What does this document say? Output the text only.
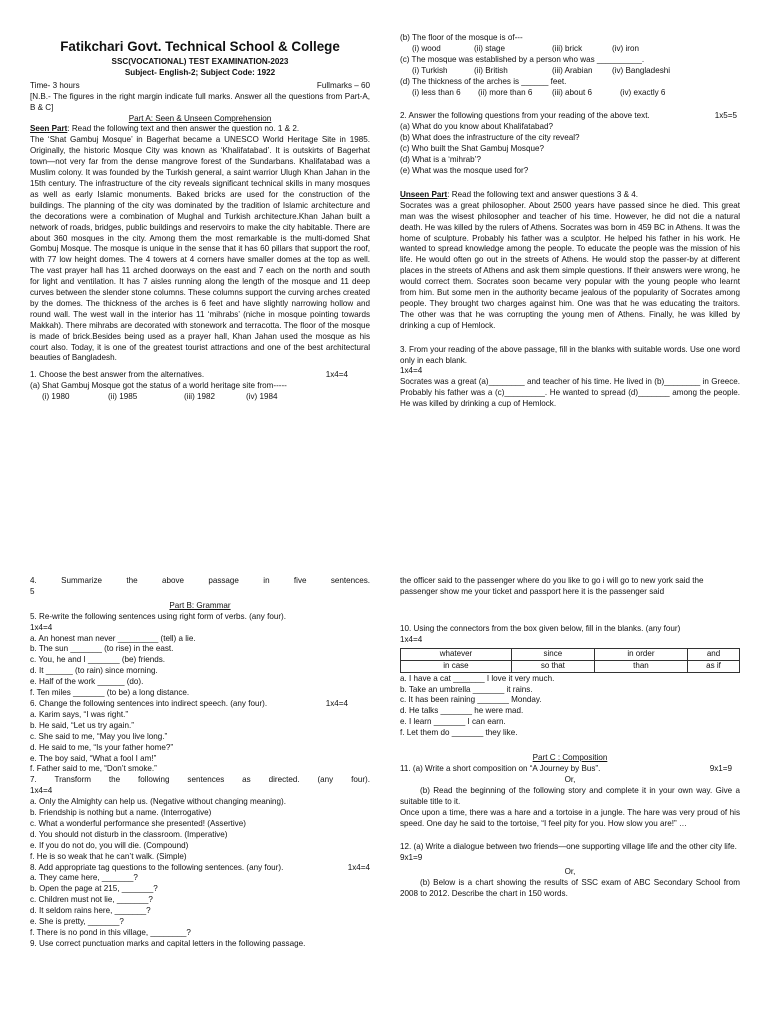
Fatikchari Govt. Technical School & College

SSC(VOCATIONAL) TEST EXAMINATION-2023

Subject- English-2; Subject Code: 1922

Time- 3 hours	Fullmarks – 60

[N.B.- The figures in the right margin indicate full marks. Answer all the questions from Part-A, B & C]

Part A: Seen & Unseen Comprehension

Seen Part: Read the following text and then answer the question no. 1 & 2.

The ‘Shat Gambuj Mosque’ in Bagerhat became a UNESCO World Heritage Site in 1985. Originally, the historic Mosque City was known as ‘Khalifatabad’. It is outskirts of Bagerhat town—not very far from the dense mangrove forest of the Sundarbans. Khalifatabad was a Muslim colony. It was founded by the Turkish general, a saint warrior Ulugh Khan Jahan in the 15th century. The infrastructure of the city reveals significant technical skills in many mosques as well as early Islamic monuments. Baked bricks are used for the construction of the buildings. The planning of the city was dominated by the tradition of Islamic architecture and the decorations were a combination of Mughal and Turkish architecture.Khan Jahan built a network of roads, bridges, public buildings and reservoirs to make the city habitable. There are about 360 mosques in the city. Among them the most remarkable is the multi-domed Shat Gombuj Mosque. The mosque is unique in the sense that it has 60 pillars that support the roof, with 77 low height domes. The 4 towers at 4 corners have smaller domes at the top as well. The vast prayer hall has 11 arched doorways on the east and 7 each on the north and south for light and ventilation. It has 7 aisles running along the length of the mosque and 11 deep curves between the slender stone columns. These columns support the curving arches created by the domes. The thickness of the arches is 6 feet and have slightly narrowing hollow and round wall. The west wall in the interior has 11 ‘mihrabs’ (niche in mosque pointing towards Makkah). There mihrabs are decorated with stonework and terracotta. The floor of the mosque is made of brick.Besides being used as a prayer hall, Khan Jahan used the mosque as his court also. Today, it is one of the greatest tourist attractions and one of the best architectural beauties of Bangladesh.

1. Choose the best answer from the alternatives.	1x4=4

(a) Shat Gambuj Mosque got the status of a world heritage site from-----

(i) 1980	(ii) 1985	(iii) 1982	(iv) 1984

(b) The floor of the mosque is of---

(i) wood	(ii) stage	(iii) brick	(iv) iron

(c) The mosque was established by a person who was __________.

(i) Turkish	(ii) British	(iii) Arabian	(iv) Bangladeshi

(d) The thickness of the arches is ______ feet.

(i) less than 6	(ii) more than 6	(iii) about 6	(iv) exactly 6
2. Answer the following questions from your reading of the above text.	1x5=5

(a) What do you know about Khalifatabad?

(b) What does the infrastructure of the city reveal?

(c) Who built the Shat Gambuj Mosque?

(d) What is a ‘mihrab’?

(e) What was the mosque used for?

Unseen Part: Read the following text and answer questions 3 & 4.

Socrates was a great philosopher. About 2500 years have passed since he died. This great man was the wisest philosopher and teacher of his time. However, he did not die a natural death. He was killed by the rulers of Athens. Socrates was born in 459 BC in Athens. It was the home of sculpture. Probably his father was a sculptor. He helped his father in his work. He wanted to spread knowledge among the people. To educate the people was the mission of his life. He would often go out in the streets of Athens. He would stop the passer-by at different places in the streets of Athens and ask them simple questions. If their answers were wrong, he would correct them. Socrates soon became very popular with the young people who learnt from him. But some men in the authority became jealous of the popularity of Socrates among people. They brought two charges against him. One was that he was educating the traitors. The other was that he was corrupting the young men of Athens. Finally, he was killed by drinking a cup of Hemlock.

3. From your reading of the above passage, fill in the blanks with suitable words. Use one word only in each blank.

1x4=4

Socrates was a great (a)________ and teacher of his time. He lived in (b)________ in Greece. Probably his father was a (c)_________. He wanted to spread (d)_______ among the people. He was killed by drinking a cup of Hemlock.

4. Summarize the above passage in five sentences.

5

Part B: Grammar

5. Re-write the following sentences using right form of verbs. (any four).

1x4=4

a. An honest man never _________ (tell) a lie.

b. The sun _______ (to rise) in the east.

c. You, he and I _______ (be) friends.

d. It ______ (to rain) since morning.

e. Half of the work ______ (do).

f. Ten miles _______ (to be) a long distance.

6. Change the following sentences into indirect speech. (any four).	1x4=4

a. Karim says, “I was right.”

b. He said, “Let us try again.”

c. She said to me, “May you live long.”

d. He said to me, “Is your father home?”

e. The boy said, “What a fool I am!”

f. Father said to me, “Don’t smoke.”

7. Transform the following sentences as directed. (any four).

1x4=4

a. Only the Almighty can help us. (Negative without changing meaning).

b. Friendship is nothing but a name. (Interrogative)

c. What a wonderful performance she presented! (Assertive)

d. You should not disturb in the classroom. (Imperative)

e. If you do not do, you will die. (Compound)

f. He is so weak that he can’t walk. (Simple)

8. Add appropriate tag questions to the following sentences. (any four).	1x4=4

a. They came here, _______?

b. Open the page at 215, _______?

c. Children must not lie, _______?

d. It seldom rains here, _______?

e. She is pretty, _______?

f. There is no pond in this village, ________?

9. Use correct punctuation marks and capital letters in the following passage.

the officer said to the passenger where do you like to go i will go to new york said the passenger show me your ticket and passport here it is the passenger said

10. Using the connectors from the box given below, fill in the blanks. (any four)

1x4=4

whatever	since	in order	and
in case	so that	than	as if

a. I have a cat _______ I love it very much.

b. Take an umbrella _______ it rains.

c. It has been raining _______ Monday.

d. He talks _______ he were mad.

e. I learn _______ I can earn.

f. Let them do _______ they like.

Part C : Composition

11. (a) Write a short composition on “A Journey by Bus”.	9x1=9

Or,

(b) Read the beginning of the following story and complete it in your own way. Give a suitable title to it.

Once upon a time, there was a hare and a tortoise in a jungle. The hare was very proud of his speed. One day he said to the tortoise, “I feel pity for you. How slow you are!” …

12. (a) Write a dialogue between two friends—one supporting village life and the other city life.

9x1=9

Or,

(b) Below is a chart showing the results of SSC exam of ABC Secondary School from 2008 to 2012. Describe the chart in 150 words.
